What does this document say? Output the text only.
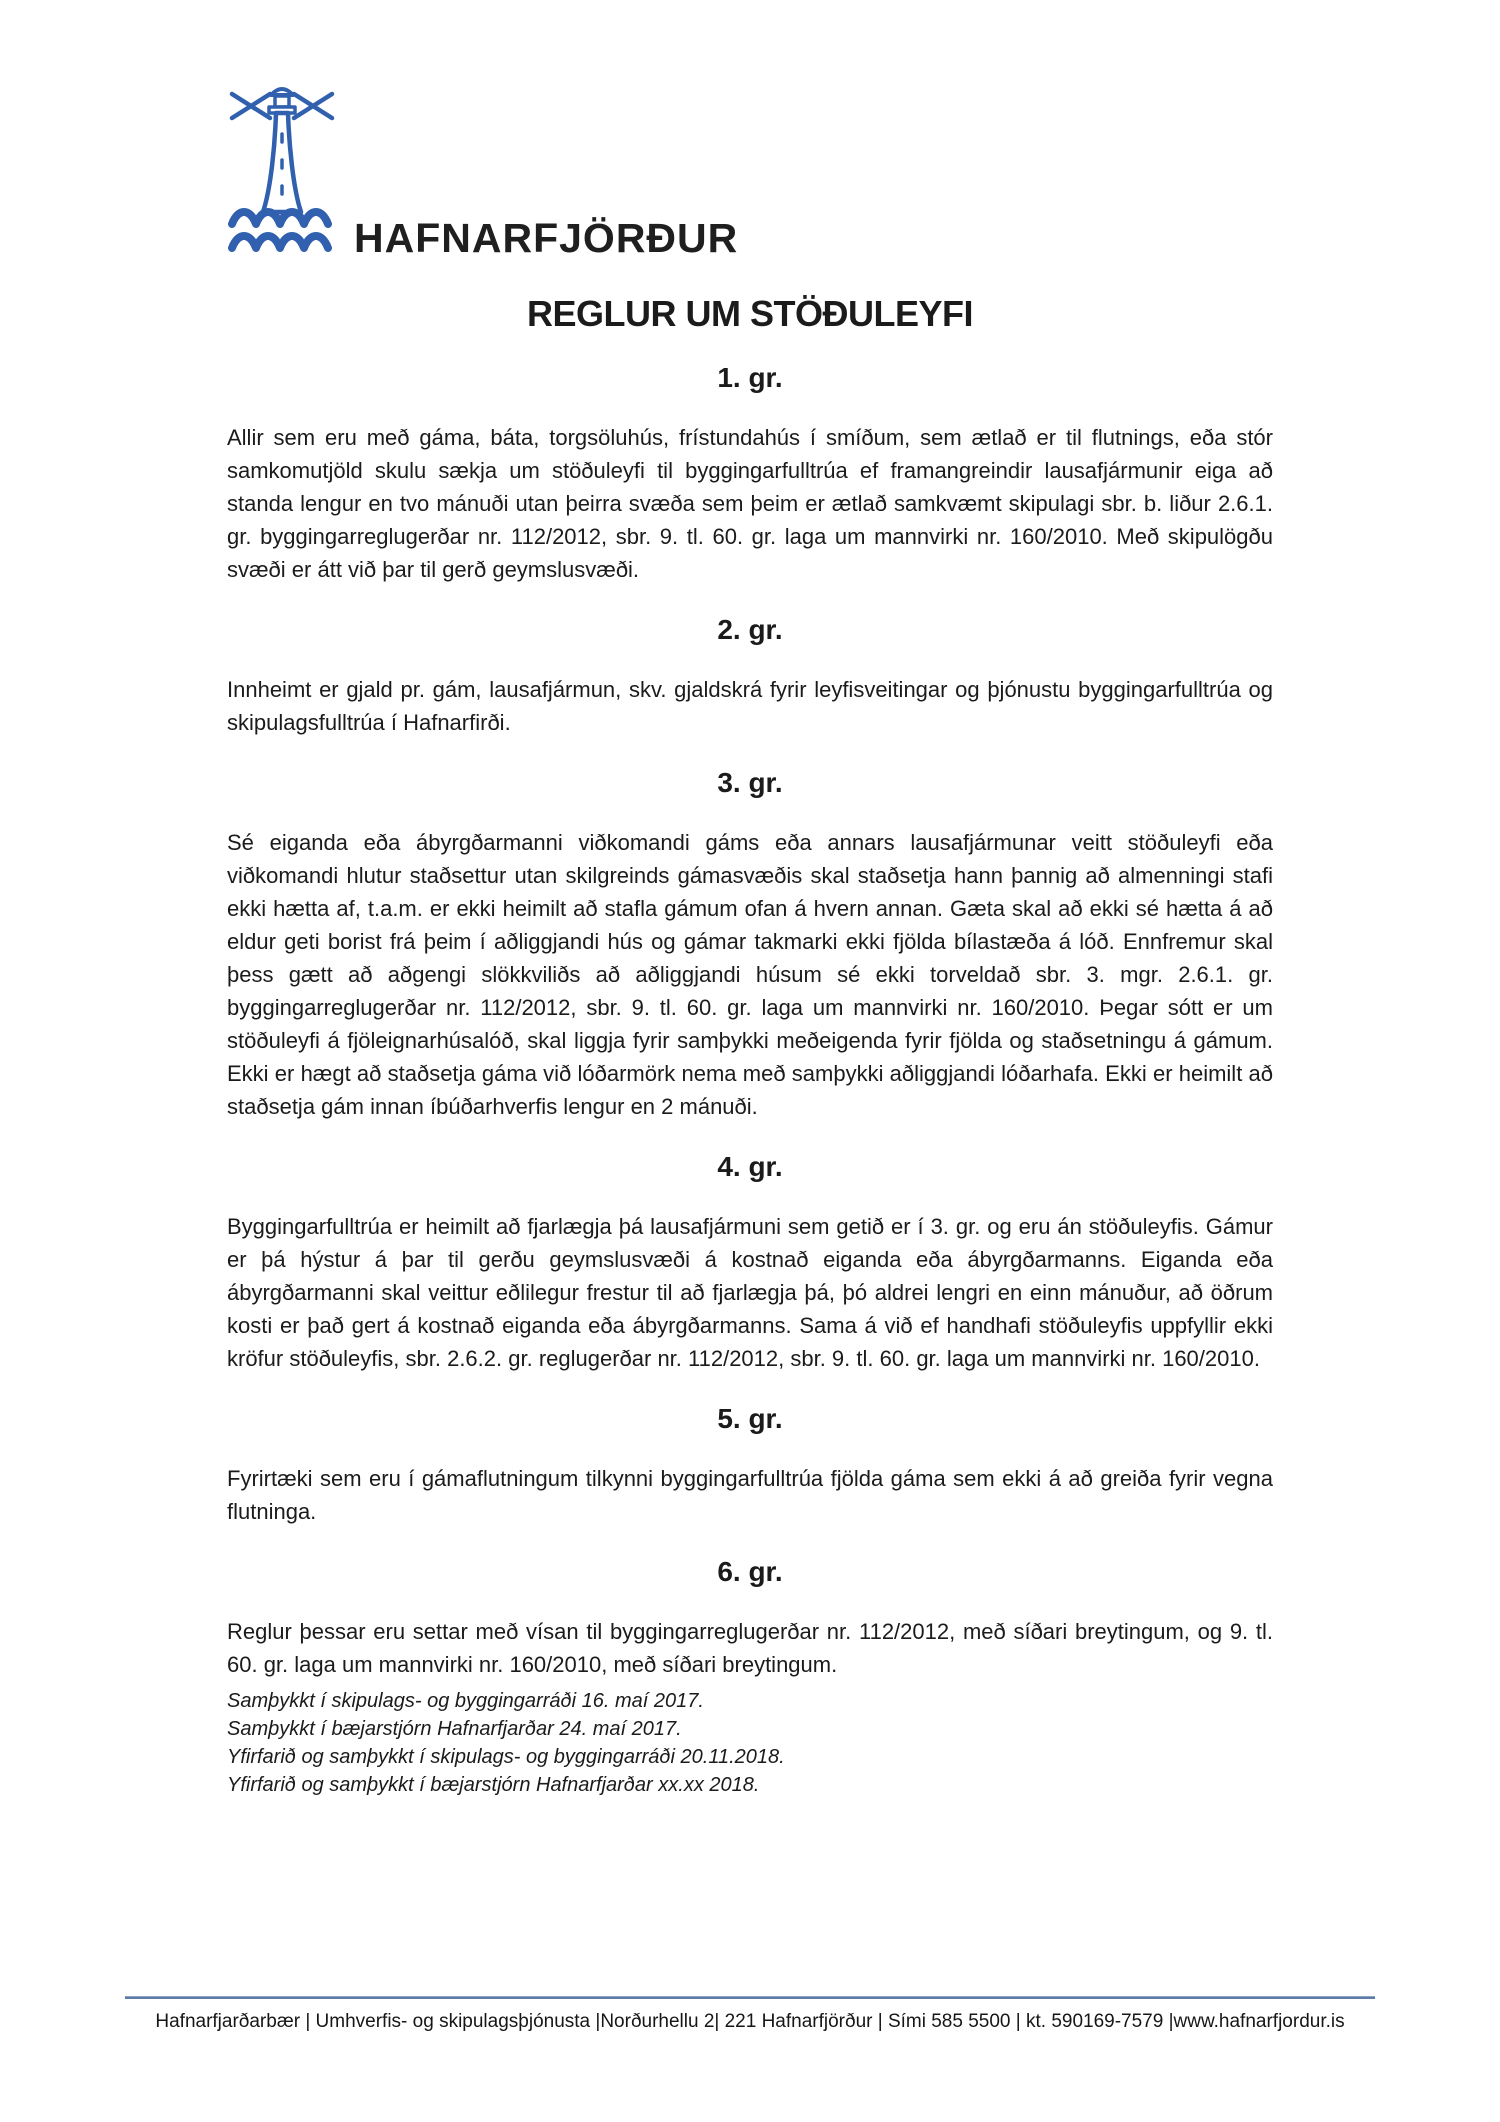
HAFNARFJÖRÐUR
REGLUR UM STÖÐULEYFI
1. gr.

Allir sem eru með gáma, báta, torgsöluhús, frístundahús í smíðum, sem ætlað er til flutnings, eða stór samkomutjöld skulu sækja um stöðuleyfi til byggingarfulltrúa ef framangreindir lausafjármunir eiga að standa lengur en tvo mánuði utan þeirra svæða sem þeim er ætlað samkvæmt skipulagi sbr. b. liður 2.6.1. gr. byggingarreglugerðar nr. 112/2012, sbr. 9. tl. 60. gr. laga um mannvirki nr. 160/2010. Með skipulögðu svæði er átt við þar til gerð geymslusvæði.

2. gr.

Innheimt er gjald pr. gám, lausafjármun, skv. gjaldskrá fyrir leyfisveitingar og þjónustu byggingarfulltrúa og skipulagsfulltrúa í Hafnarfirði.

3. gr.

Sé eiganda eða ábyrgðarmanni viðkomandi gáms eða annars lausafjármunar veitt stöðuleyfi eða viðkomandi hlutur staðsettur utan skilgreinds gámasvæðis skal staðsetja hann þannig að almenningi stafi ekki hætta af, t.a.m. er ekki heimilt að stafla gámum ofan á hvern annan. Gæta skal að ekki sé hætta á að eldur geti borist frá þeim í aðliggjandi hús og gámar takmarki ekki fjölda bílastæða á lóð. Ennfremur skal þess gætt að aðgengi slökkviliðs að aðliggjandi húsum sé ekki torveldað sbr. 3. mgr. 2.6.1. gr. byggingarreglugerðar nr. 112/2012, sbr. 9. tl. 60. gr. laga um mannvirki nr. 160/2010. Þegar sótt er um stöðuleyfi á fjöleignarhúsalóð, skal liggja fyrir samþykki meðeigenda fyrir fjölda og staðsetningu á gámum. Ekki er hægt að staðsetja gáma við lóðarmörk nema með samþykki aðliggjandi lóðarhafa. Ekki er heimilt að staðsetja gám innan íbúðarhverfis lengur en 2 mánuði.

4. gr.

Byggingarfulltrúa er heimilt að fjarlægja þá lausafjármuni sem getið er í 3. gr. og eru án stöðuleyfis. Gámur er þá hýstur á þar til gerðu geymslusvæði á kostnað eiganda eða ábyrgðarmanns. Eiganda eða ábyrgðarmanni skal veittur eðlilegur frestur til að fjarlægja þá, þó aldrei lengri en einn mánuður, að öðrum kosti er það gert á kostnað eiganda eða ábyrgðarmanns. Sama á við ef handhafi stöðuleyfis uppfyllir ekki kröfur stöðuleyfis, sbr. 2.6.2. gr. reglugerðar nr. 112/2012, sbr. 9. tl. 60. gr. laga um mannvirki nr. 160/2010.

5. gr.

Fyrirtæki sem eru í gámaflutningum tilkynni byggingarfulltrúa fjölda gáma sem ekki á að greiða fyrir vegna flutninga.

6. gr.

Reglur þessar eru settar með vísan til byggingarreglugerðar nr. 112/2012, með síðari breytingum, og 9. tl. 60. gr. laga um mannvirki nr. 160/2010, með síðari breytingum.

Samþykkt í skipulags- og byggingarráði 16. maí 2017.

Samþykkt í bæjarstjórn Hafnarfjarðar 24. maí 2017.

Yfirfarið og samþykkt í skipulags- og byggingarráði 20.11.2018.

Yfirfarið og samþykkt í bæjarstjórn Hafnarfjarðar xx.xx 2018.

Hafnarfjarðarbær | Umhverfis- og skipulagsþjónusta |Norðurhellu 2| 221 Hafnarfjörður | Sími 585 5500 | kt. 590169-7579 |www.hafnarfjordur.is
